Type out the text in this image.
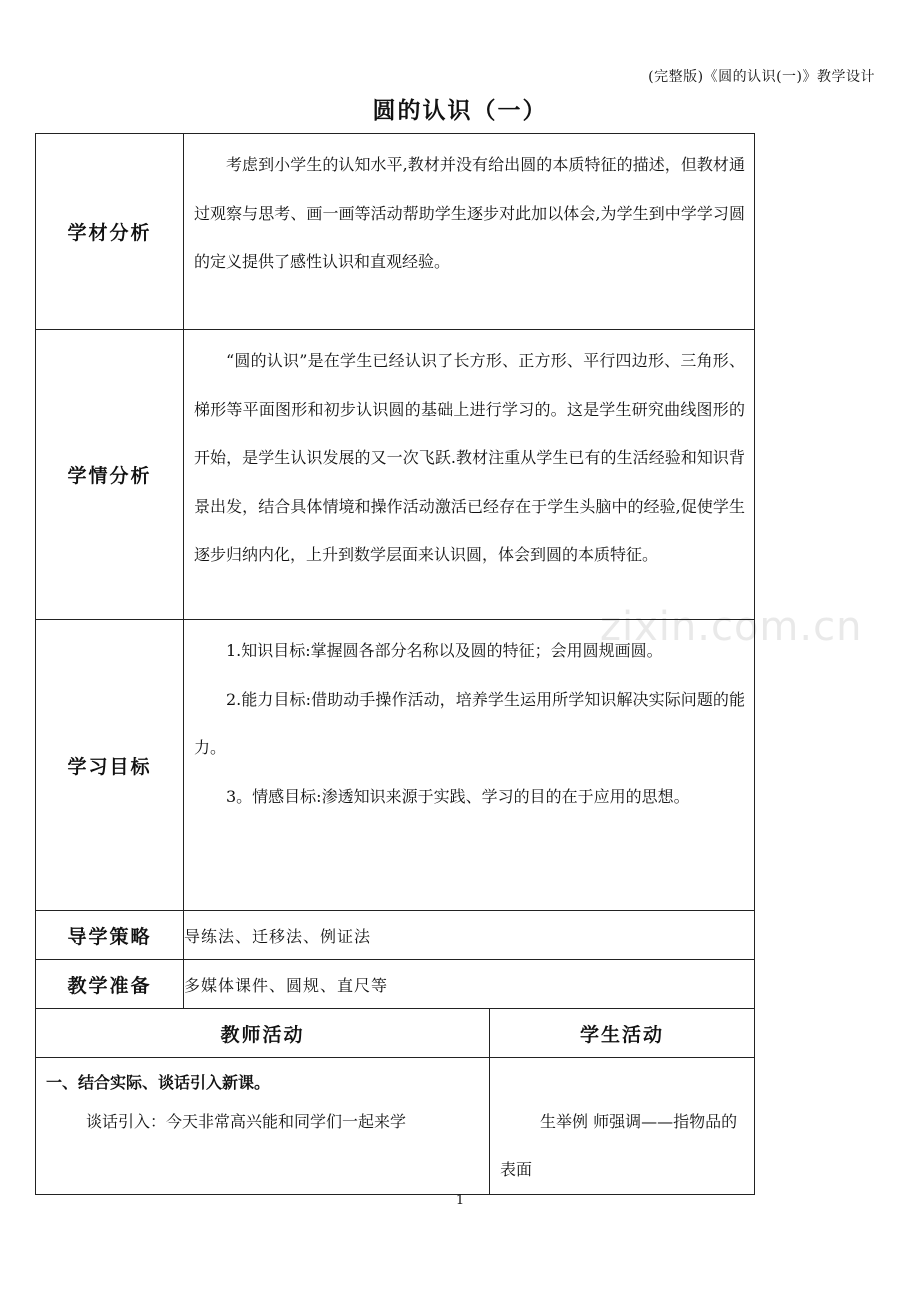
(完整版)《圆的认识(一)》教学设计
圆的认识（一）
zixin.com.cn
学材分析	考虑到小学生的认知水平,教材并没有给出圆的本质特征的描述，但教材通过观察与思考、画一画等活动帮助学生逐步对此加以体会,为学生到中学学习圆的定义提供了感性认识和直观经验。	

学情分析	“圆的认识”是在学生已经认识了长方形、正方形、平行四边形、三角形、梯形等平面图形和初步认识圆的基础上进行学习的。这是学生研究曲线图形的开始，是学生认识发展的又一次飞跃.教材注重从学生已有的生活经验和知识背景出发，结合具体情境和操作活动激活已经存在于学生头脑中的经验,促使学生逐步归纳内化，上升到数学层面来认识圆，体会到圆的本质特征。	

学习目标	1.知识目标:掌握圆各部分名称以及圆的特征；会用圆规画圆。

2.能力目标:借助动手操作活动，培养学生运用所学知识解决实际问题的能力。

3。情感目标:渗透知识来源于实践、学习的目的在于应用的思想。	

导学策略	导练法、迁移法、例证法	
教学准备	多媒体课件、圆规、直尺等	
教师活动		学生活动

一、结合实际、谈话引入新课。

谈话引入：今天非常高兴能和同学们一起来学		生举例 师强调——指物品的表面
1
